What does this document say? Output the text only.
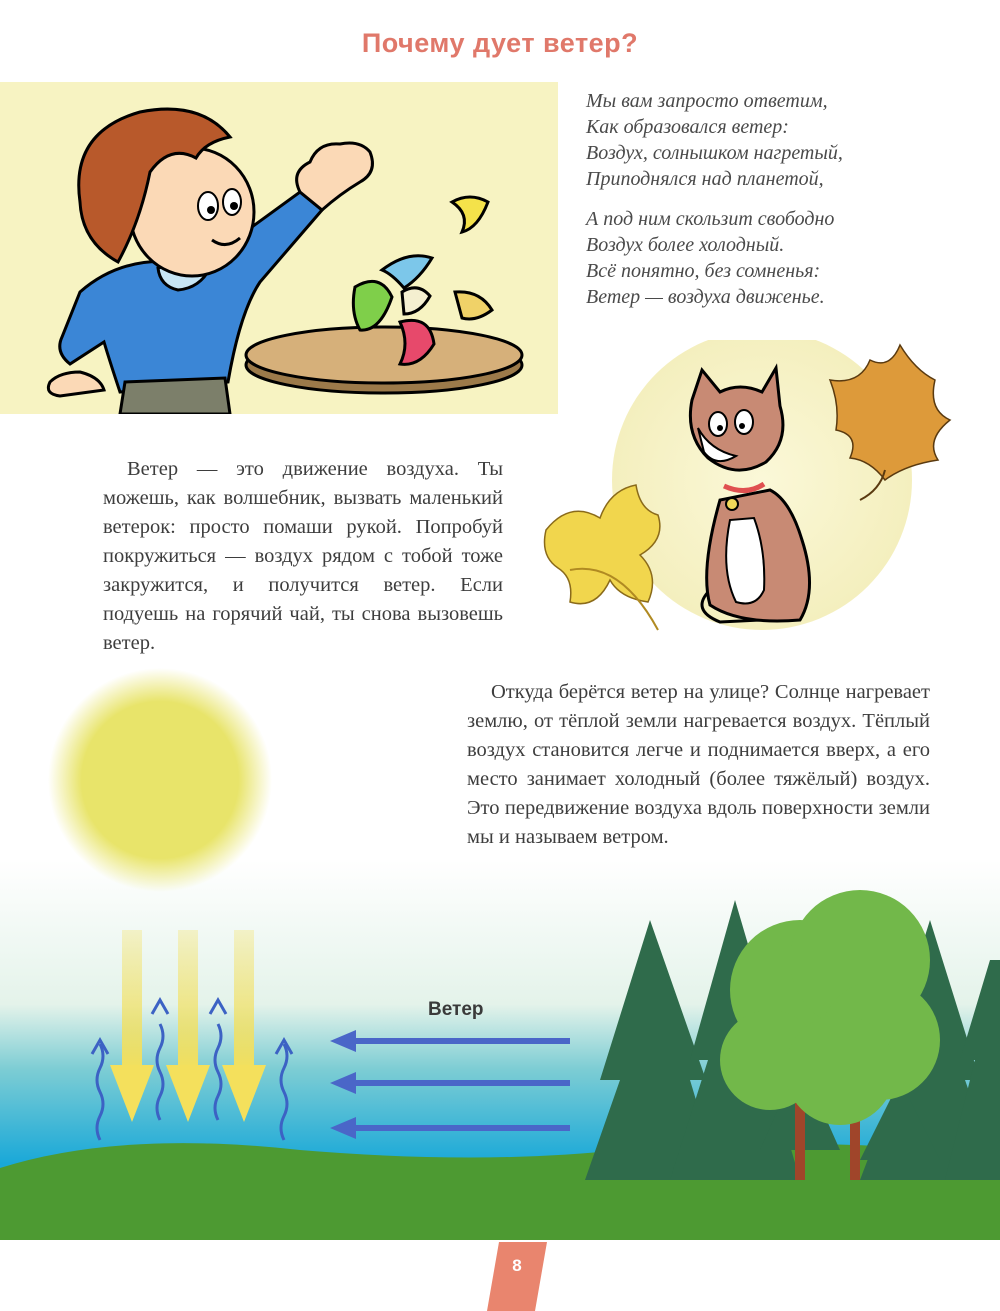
Почему дует ветер?
Мы вам запросто ответим,
Как образовался ветер:
Воздух, солнышком нагретый,
Приподнялся над планетой,
А под ним скользит свободно
Воздух более холодный.
Всё понятно, без сомненья:
Ветер — воздуха движенье.

Ветер — это движение воздуха. Ты можешь, как волшебник, вызвать маленький ветерок: просто помаши рукой. Попробуй покружиться — воздух рядом с тобой тоже закружится, и получится ветер. Если подуешь на горячий чай, ты снова вызовешь ветер.

Откуда берётся ветер на улице? Солнце нагревает землю, от тёплой земли нагревается воздух. Тёплый воздух становится легче и поднимается вверх, а его место занимает холодный (более тяжёлый) воздух. Это передвижение воздуха вдоль поверхности земли мы и называем ветром.

Ветер
8
